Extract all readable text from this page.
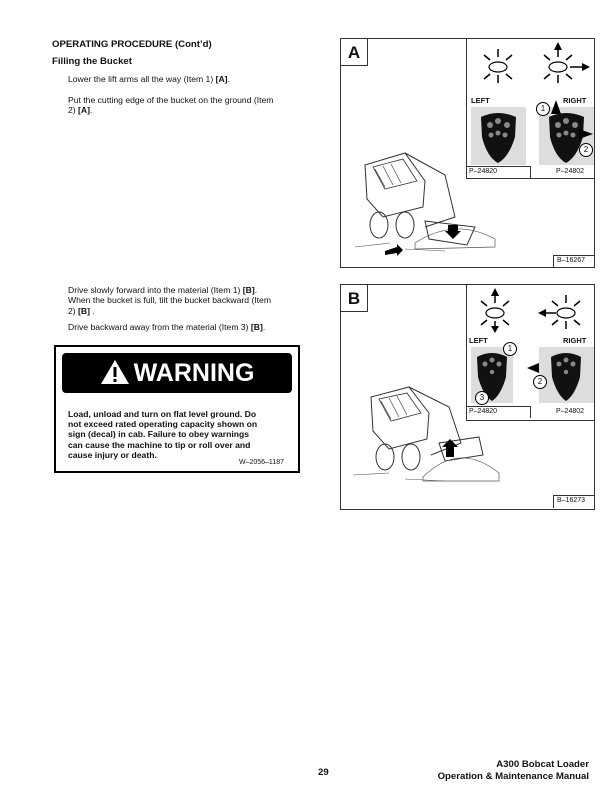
OPERATING PROCEDURE (Cont’d)
Filling the Bucket
Lower the lift arms all the way (Item 1) [A].
Put the cutting edge of the bucket on the ground (Item
2) [A].
Drive slowly forward into the material (Item 1) [B].
When the bucket is full, tilt the bucket backward (Item
2) [B] .
Drive backward away from the material (Item 3) [B].
WARNING
Load, unload and turn on flat level ground. Do
not exceed rated operating capacity shown on
sign (decal) in cab. Failure to obey warnings
can cause the machine to tip or roll over and
cause injury or death.
W–2056–1187
A
LEFT	RIGHT
1
2
P–24820	P–24802
B–16267
B
LEFT	RIGHT
1
3
2
P–24820	P–24802
B–16273
29
A300 Bobcat Loader
Operation & Maintenance Manual
